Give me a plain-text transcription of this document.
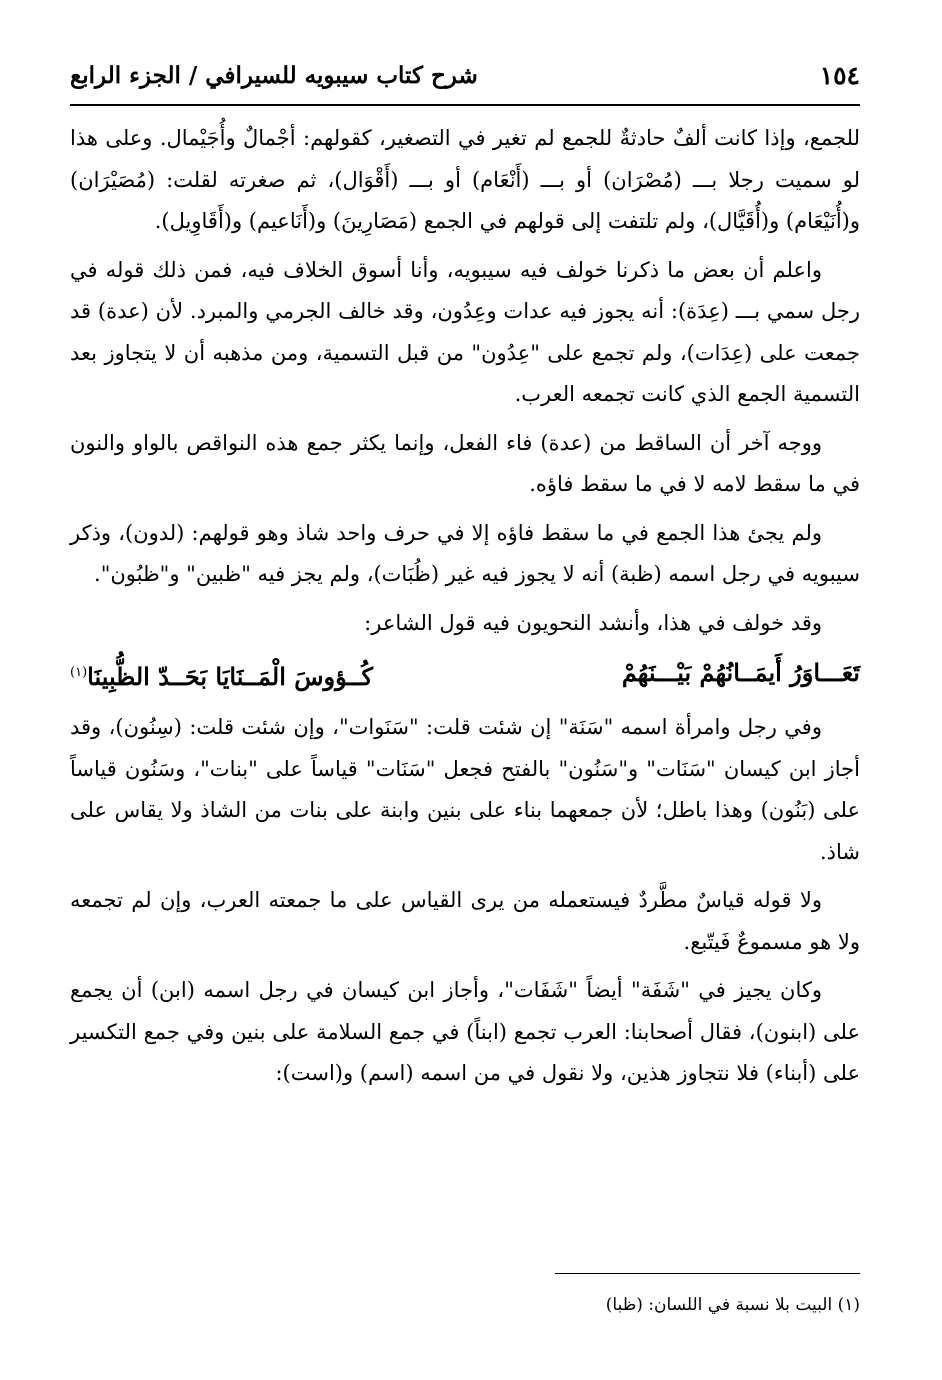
١٥٤
شرح كتاب سيبويه للسيرافي / الجزء الرابع

للجمع، وإذا كانت ألفٌ حادثةٌ للجمع لم تغير في التصغير، كقولهم: أجْمالٌ وأُجَيْمال. وعلى هذا لو سميت رجلا بـــ (مُصْرَان) أو بـــ (أَنْعَام) أو بـــ (أَقْوَال)، ثم صغرته لقلت: (مُصَيْرَان) و(أُنَيْعَام) و(أُقَيَّال)، ولم تلتفت إلى قولهم في الجمع (مَصَارِينَ) و(أَنَاعيم) و(أَقَاوِيل).

واعلم أن بعض ما ذكرنا خولف فيه سيبويه، وأنا أسوق الخلاف فيه، فمن ذلك قوله في رجل سمي بـــ (عِدَة): أنه يجوز فيه عدات وعِدُون، وقد خالف الجرمي والمبرد. لأن (عدة) قد جمعت على (عِدَات)، ولم تجمع على "عِدُون" من قبل التسمية، ومن مذهبه أن لا يتجاوز بعد التسمية الجمع الذي كانت تجمعه العرب.

ووجه آخر أن الساقط من (عدة) فاء الفعل، وإنما يكثر جمع هذه النواقص بالواو والنون في ما سقط لامه لا في ما سقط فاؤه.

ولم يجئ هذا الجمع في ما سقط فاؤه إلا في حرف واحد شاذ وهو قولهم: (لدون)، وذكر سيبويه في رجل اسمه (ظبة) أنه لا يجوز فيه غير (ظُبَات)، ولم يجز فيه "ظبين" و"ظبُون".

وقد خولف في هذا، وأنشد النحويون فيه قول الشاعر:

تَعَـــاوَرُ أَيمَــانُهُمْ بَيْـــنَهُمْ
كُــؤوسَ الْمَــنَايَا بَحَــدّ الظُّبِينَا$^{(١)}$

وفي رجل وامرأة اسمه "سَنَة" إن شئت قلت: "سَنَوات"، وإن شئت قلت: (سِنُون)، وقد أجاز ابن كيسان "سَنَات" و"سَنُون" بالفتح فجعل "سَنَات" قياساً على "بنات"، وسَنُون قياساً على (بَنُون) وهذا باطل؛ لأن جمعهما بناء على بنين وابنة على بنات من الشاذ ولا يقاس على شاذ.

ولا قوله قياسٌ مطَّردٌ فيستعمله من يرى القياس على ما جمعته العرب، وإن لم تجمعه ولا هو مسموعٌ فَيتّبع.

وكان يجيز في "شَفَة" أيضاً "شَفَات"، وأجاز ابن كيسان في رجل اسمه (ابن) أن يجمع على (ابنون)، فقال أصحابنا: العرب تجمع (ابناً) في جمع السلامة على بنين وفي جمع التكسير على (أبناء) فلا نتجاوز هذين، ولا نقول في من اسمه (اسم) و(است):

(١) البيت بلا نسبة في اللسان: (ظبا)
